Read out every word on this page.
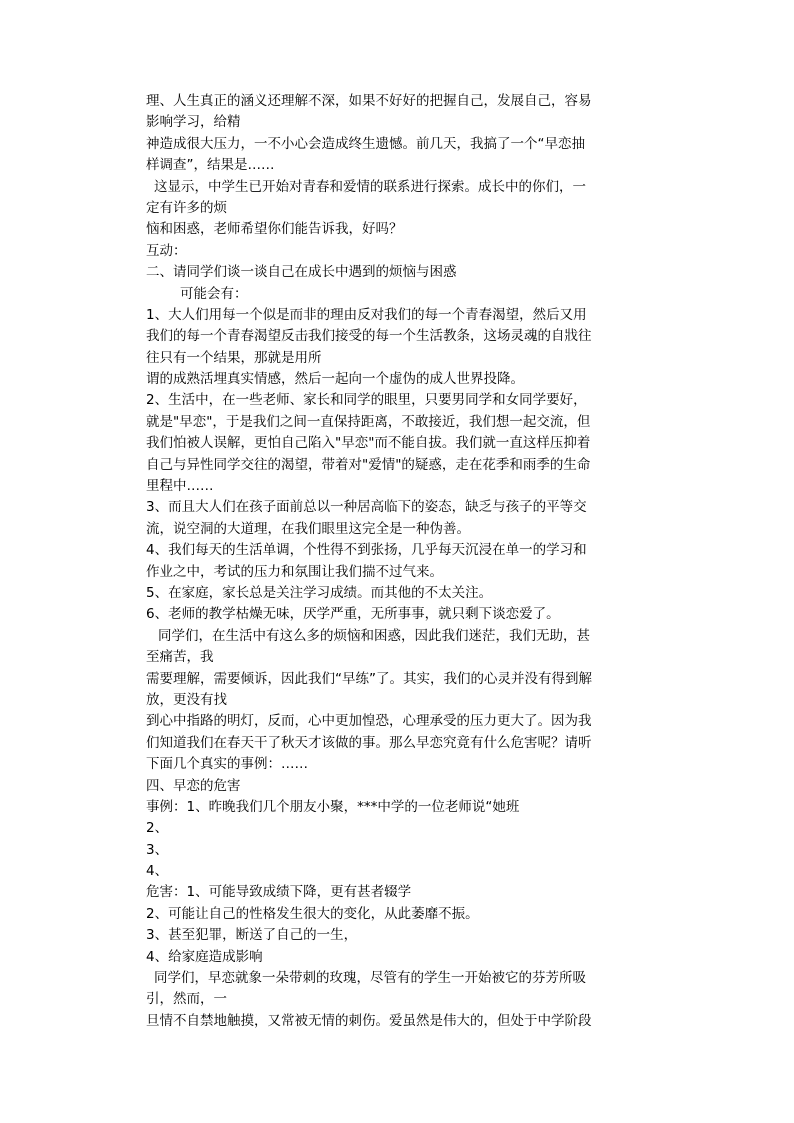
理、人生真正的涵义还理解不深，如果不好好的把握自己，发展自己，容易
影响学习，给精
神造成很大压力，一不小心会造成终生遗憾。前几天，我搞了一个“早恋抽
样调查”，结果是……
这显示，中学生已开始对青春和爱情的联系进行探索。成长中的你们，一
定有许多的烦
恼和困惑，老师希望你们能告诉我，好吗？
互动：
二、请同学们谈一谈自己在成长中遇到的烦恼与困惑
可能会有：
1、大人们用每一个似是而非的理由反对我们的每一个青春渴望，然后又用
我们的每一个青春渴望反击我们接受的每一个生活教条，这场灵魂的自戕往
往只有一个结果，那就是用所
谓的成熟活埋真实情感，然后一起向一个虚伪的成人世界投降。
2、生活中，在一些老师、家长和同学的眼里，只要男同学和女同学要好，
就是"早恋"，于是我们之间一直保持距离，不敢接近，我们想一起交流，但
我们怕被人误解，更怕自己陷入"早恋"而不能自拔。我们就一直这样压抑着
自己与异性同学交往的渴望，带着对"爱情"的疑惑，走在花季和雨季的生命
里程中……
3、而且大人们在孩子面前总以一种居高临下的姿态，缺乏与孩子的平等交
流，说空洞的大道理，在我们眼里这完全是一种伪善。
4、我们每天的生活单调，个性得不到张扬，几乎每天沉浸在单一的学习和
作业之中，考试的压力和氛围让我们揣不过气来。
5、在家庭，家长总是关注学习成绩。而其他的不太关注。
6、老师的教学枯燥无味，厌学严重，无所事事，就只剩下谈恋爱了。
同学们，在生活中有这么多的烦恼和困惑，因此我们迷茫，我们无助，甚
至痛苦，我
需要理解，需要倾诉，因此我们“早练”了。其实，我们的心灵并没有得到解
放，更没有找
到心中指路的明灯，反而，心中更加惶恐，心理承受的压力更大了。因为我
们知道我们在春天干了秋天才该做的事。那么早恋究竟有什么危害呢？请听
下面几个真实的事例：……
四、早恋的危害
事例：1、昨晚我们几个朋友小聚，***中学的一位老师说“她班
2、
3、
4、
危害：1、可能导致成绩下降，更有甚者辍学
2、可能让自己的性格发生很大的变化，从此萎靡不振。
3、甚至犯罪，断送了自己的一生，
4、给家庭造成影响
同学们，早恋就象一朵带刺的玫瑰，尽管有的学生一开始被它的芬芳所吸
引，然而，一
旦情不自禁地触摸，又常被无情的刺伤。爱虽然是伟大的，但处于中学阶段
